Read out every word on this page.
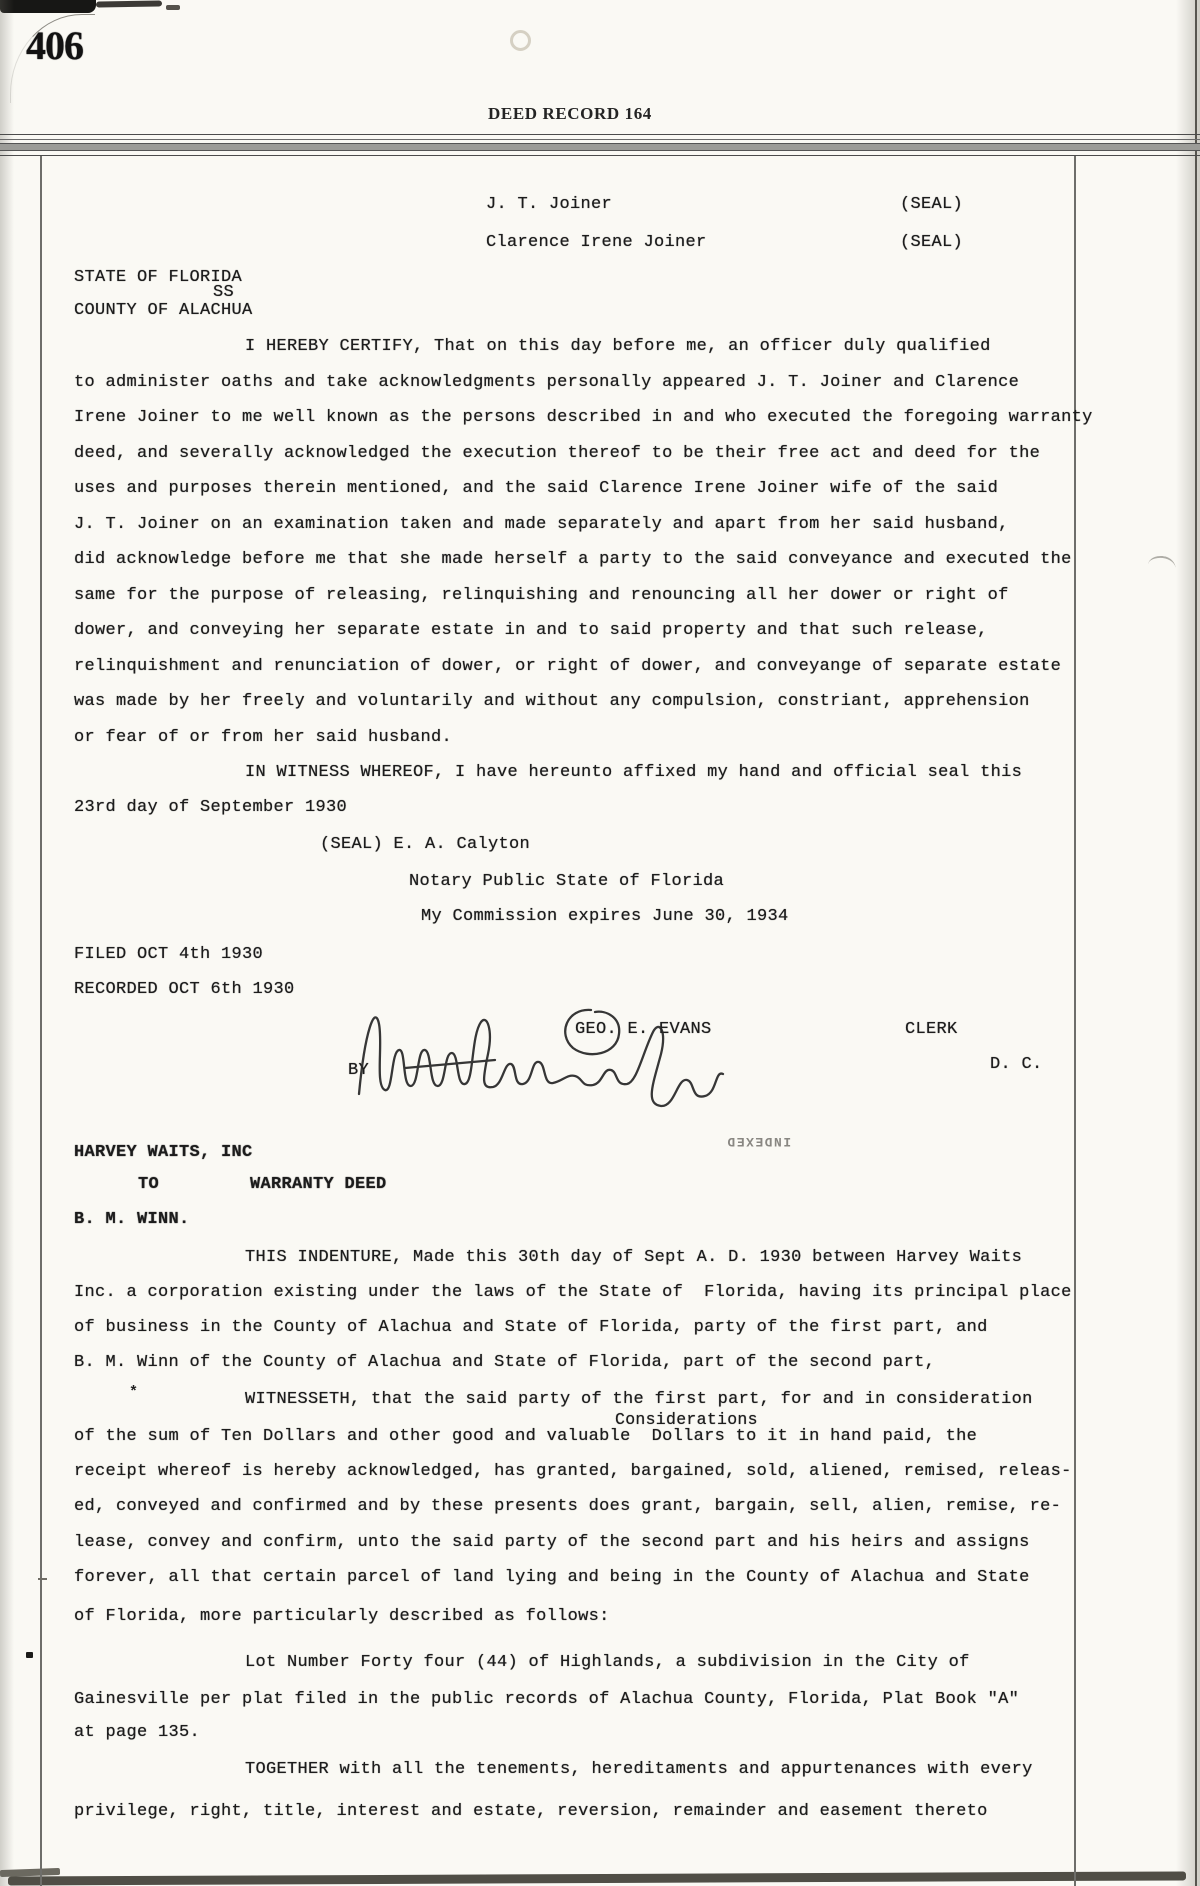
406
DEED RECORD 164
J. T. Joiner	(SEAL)
Clarence Irene Joiner	(SEAL)
STATE OF FLORIDA
SS
COUNTY OF ALACHUA
I HEREBY CERTIFY, That on this day before me, an officer duly qualified
to administer oaths and take acknowledgments personally appeared J. T. Joiner and Clarence
Irene Joiner to me well known as the persons described in and who executed the foregoing warranty
deed, and severally acknowledged the execution thereof to be their free act and deed for the
uses and purposes therein mentioned, and the said Clarence Irene Joiner wife of the said
J. T. Joiner on an examination taken and made separately and apart from her said husband,
did acknowledge before me that she made herself a party to the said conveyance and executed the
same for the purpose of releasing, relinquishing and renouncing all her dower or right of
dower, and conveying her separate estate in and to said property and that such release,
relinquishment and renunciation of dower, or right of dower, and conveyange of separate estate
was made by her freely and voluntarily and without any compulsion, constriant, apprehension
or fear of or from her said husband.
IN WITNESS WHEREOF, I have hereunto affixed my hand and official seal this
23rd day of September 1930
(SEAL) E. A. Calyton
Notary Public State of Florida
My Commission expires June 30, 1934
FILED OCT 4th 1930
RECORDED OCT 6th 1930
GEO. E. EVANS	CLERK
BY	D. C.
INDEXED
HARVEY WAITS, INC
TO	WARRANTY DEED
B. M. WINN.
THIS INDENTURE, Made this 30th day of Sept A. D. 1930 between Harvey Waits
Inc. a corporation existing under the laws of the State of  Florida, having its principal place
of business in the County of Alachua and State of Florida, party of the first part, and
B. M. Winn of the County of Alachua and State of Florida, part of the second part,
WITNESSETH, that the said party of the first part, for and in consideration
Considerations
of the sum of Ten Dollars and other good and valuable  Dollars to it in hand paid, the
receipt whereof is hereby acknowledged, has granted, bargained, sold, aliened, remised, releas-
ed, conveyed and confirmed and by these presents does grant, bargain, sell, alien, remise, re-
lease, convey and confirm, unto the said party of the second part and his heirs and assigns
forever, all that certain parcel of land lying and being in the County of Alachua and State
of Florida, more particularly described as follows:
Lot Number Forty four (44) of Highlands, a subdivision in the City of
Gainesville per plat filed in the public records of Alachua County, Florida, Plat Book "A"
at page 135.
TOGETHER with all the tenements, hereditaments and appurtenances with every
privilege, right, title, interest and estate, reversion, remainder and easement thereto
*
